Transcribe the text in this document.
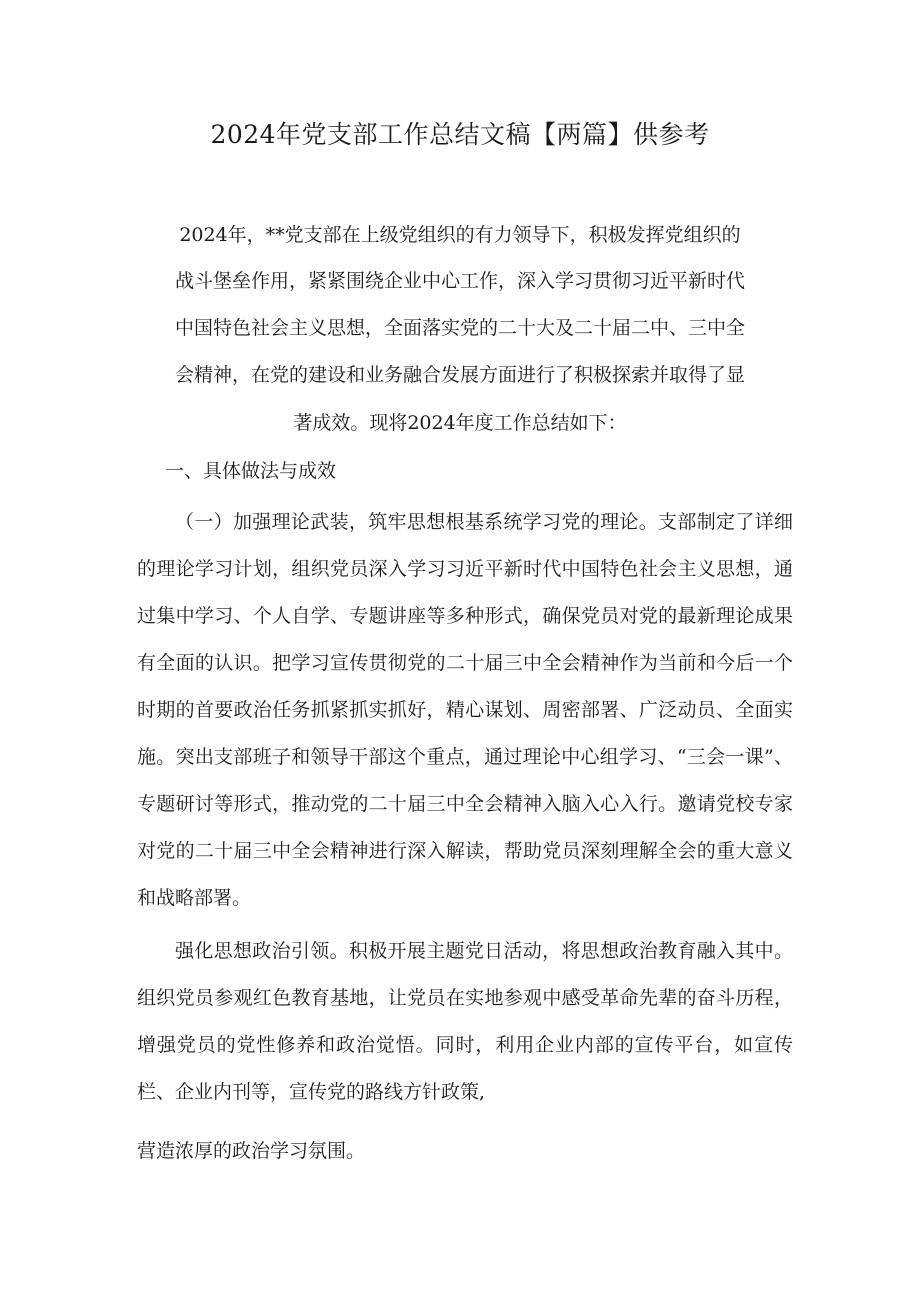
2024年党支部工作总结文稿【两篇】供参考
2024年，**党支部在上级党组织的有力领导下，积极发挥党组织的
战斗堡垒作用，紧紧围绕企业中心工作，深入学习贯彻习近平新时代
中国特色社会主义思想，全面落实党的二十大及二十届二中、三中全
会精神，在党的建设和业务融合发展方面进行了积极探索并取得了显
著成效。现将2024年度工作总结如下：
一、具体做法与成效

（一）加强理论武装，筑牢思想根基系统学习党的理论。支部制定了详细的理论学习计划，组织党员深入学习习近平新时代中国特色社会主义思想，通过集中学习、个人自学、专题讲座等多种形式，确保党员对党的最新理论成果有全面的认识。把学习宣传贯彻党的二十届三中全会精神作为当前和今后一个时期的首要政治任务抓紧抓实抓好，精心谋划、周密部署、广泛动员、全面实施。突出支部班子和领导干部这个重点，通过理论中心组学习、“三会一课”、专题研讨等形式，推动党的二十届三中全会精神入脑入心入行。邀请党校专家对党的二十届三中全会精神进行深入解读，帮助党员深刻理解全会的重大意义和战略部署。

强化思想政治引领。积极开展主题党日活动，将思想政治教育融入其中。组织党员参观红色教育基地，让党员在实地参观中感受革命先辈的奋斗历程，增强党员的党性修养和政治觉悟。同时，利用企业内部的宣传平台，如宣传栏、企业内刊等，宣传党的路线方针政策,

营造浓厚的政治学习氛围。
